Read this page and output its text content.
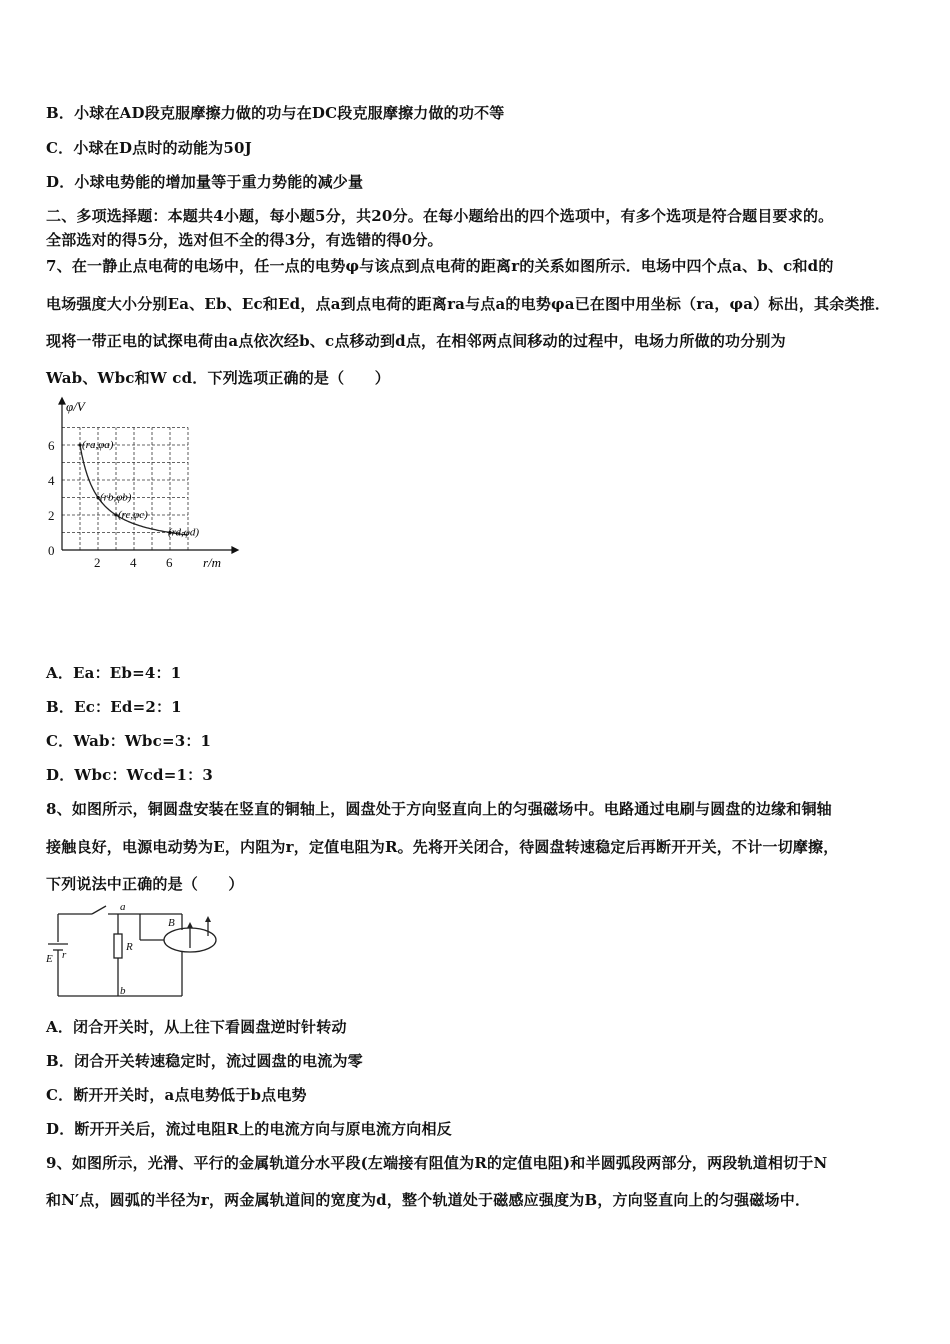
B．小球在AD段克服摩擦力做的功与在DC段克服摩擦力做的功不等
C．小球在D点时的动能为50J
D．小球电势能的增加量等于重力势能的减少量
二、多项选择题：本题共4小题，每小题5分，共20分。在每小题给出的四个选项中，有多个选项是符合题目要求的。
全部选对的得5分，选对但不全的得3分，有选错的得0分。
7、在一静止点电荷的电场中，任一点的电势φ与该点到点电荷的距离r的关系如图所示．电场中四个点a、b、c和d的
电场强度大小分别Ea、Eb、Ec和Ed，点a到点电荷的距离ra与点a的电势φa已在图中用坐标（ra，φa）标出，其余类推．
现将一带正电的试探电荷由a点依次经b、c点移动到d点，在相邻两点间移动的过程中，电场力所做的功分别为
Wab、Wbc和W cd．下列选项正确的是（　　）
(ra,φa)
(rb,φb)
(rc,φc)
(rd,φd)
2 4 6
0
2
4
6
φ/V
r/m
A．Ea：Eb=4：1
B．Ec：Ed=2：1
C．Wab：Wbc=3：1
D．Wbc：Wcd=1：3
8、如图所示，铜圆盘安装在竖直的铜轴上，圆盘处于方向竖直向上的匀强磁场中。电路通过电刷与圆盘的边缘和铜轴
接触良好，电源电动势为E，内阻为r，定值电阻为R。先将开关闭合，待圆盘转速稳定后再断开开关，不计一切摩擦，
下列说法中正确的是（　　）
a
b
R
E r
B
A．闭合开关时，从上往下看圆盘逆时针转动
B．闭合开关转速稳定时，流过圆盘的电流为零
C．断开开关时，a点电势低于b点电势
D．断开开关后，流过电阻R上的电流方向与原电流方向相反
9、如图所示，光滑、平行的金属轨道分水平段(左端接有阻值为R的定值电阻)和半圆弧段两部分，两段轨道相切于N
和N′点，圆弧的半径为r，两金属轨道间的宽度为d，整个轨道处于磁感应强度为B，方向竖直向上的匀强磁场中．
